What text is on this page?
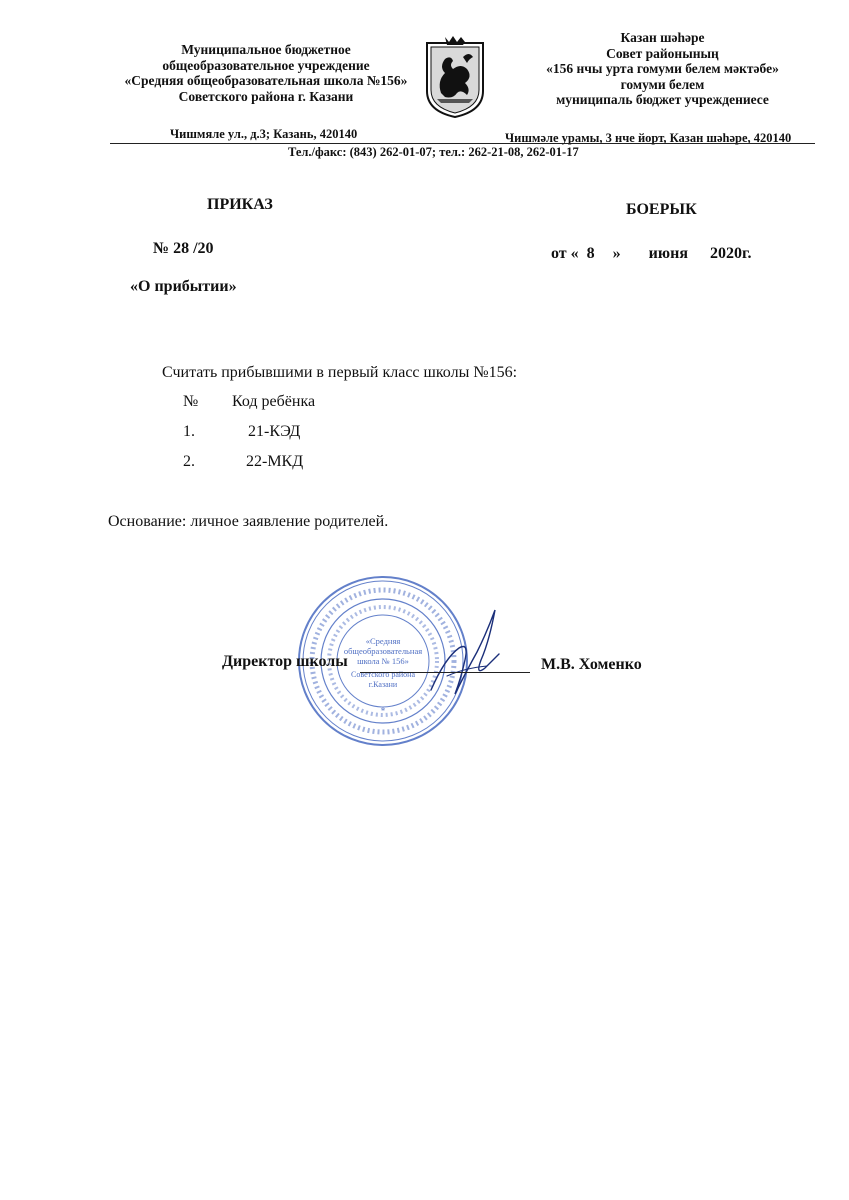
Муниципальное бюджетное
общеобразовательное учреждение
«Средняя общеобразовательная школа №156»
Советского района г. Казани
Казан шәһәре
Совет районының
«156 нчы урта гомуми белем мәктәбе»
гомуми белем
муниципаль бюджет учреждениесе
Чишмяле ул., д.3; Казань, 420140	Чишмәле урамы, 3 нче йорт, Казан шәһәре, 420140
Тел./факс: (843) 262-01-07; тел.: 262-21-08, 262-01-17
ПРИКАЗ	БОЕРЫК
№ 28 /20	от « 8 » июня 2020г.
«О прибытии»
Считать прибывшими в первый класс школы №156:
№ Код ребёнка
1.	21-КЭД
2.	22-МКД
Основание: личное заявление родителей.
«Средняя
общеобразовательная
школа № 156»
Советского района
г.Казани
*
Директор школы	М.В. Хоменко
